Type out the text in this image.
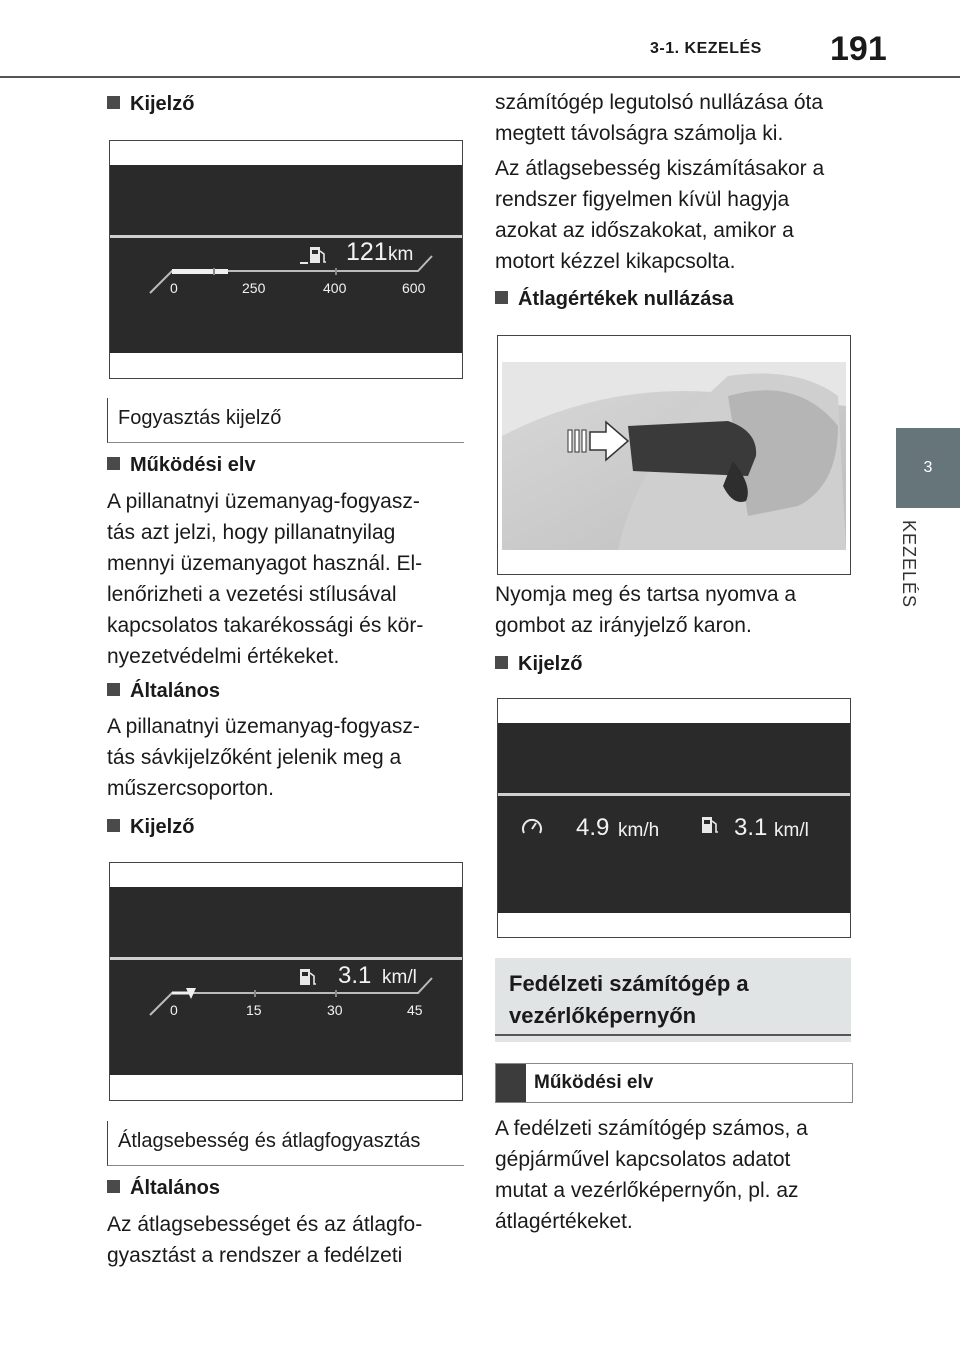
3-1. KEZELÉS 191
3
KEZELÉS
Kijelző
121 km
0	250	400	600
Fogyasztás kijelző
Működési elv
A pillanatnyi üzemanyag-fogyasz-
tás azt jelzi, hogy pillanatnyilag
mennyi üzemanyagot használ. El-
lenőrizheti a vezetési stílusával
kapcsolatos takarékossági és kör-
nyezetvédelmi értékeket.
Általános
A pillanatnyi üzemanyag-fogyasz-
tás sávkijelzőként jelenik meg a
műszercsoporton.
Kijelző
3.1 km/l
0	15	30	45
Átlagsebesség és átlagfogyasztás
Általános
Az átlagsebességet és az átlagfo-
gyasztást a rendszer a fedélzeti
számítógép legutolsó nullázása óta
megtett távolságra számolja ki.
Az átlagsebesség kiszámításakor a
rendszer figyelmen kívül hagyja
azokat az időszakokat, amikor a
motort kézzel kikapcsolta.
Átlagértékek nullázása
Nyomja meg és tartsa nyomva a
gombot az irányjelző karon.
Kijelző
4.9 km/h	3.1 km/l
Fedélzeti számítógép a
vezérlőképernyőn
Működési elv
A fedélzeti számítógép számos, a
gépjárművel kapcsolatos adatot
mutat a vezérlőképernyőn, pl. az
átlagértékeket.
